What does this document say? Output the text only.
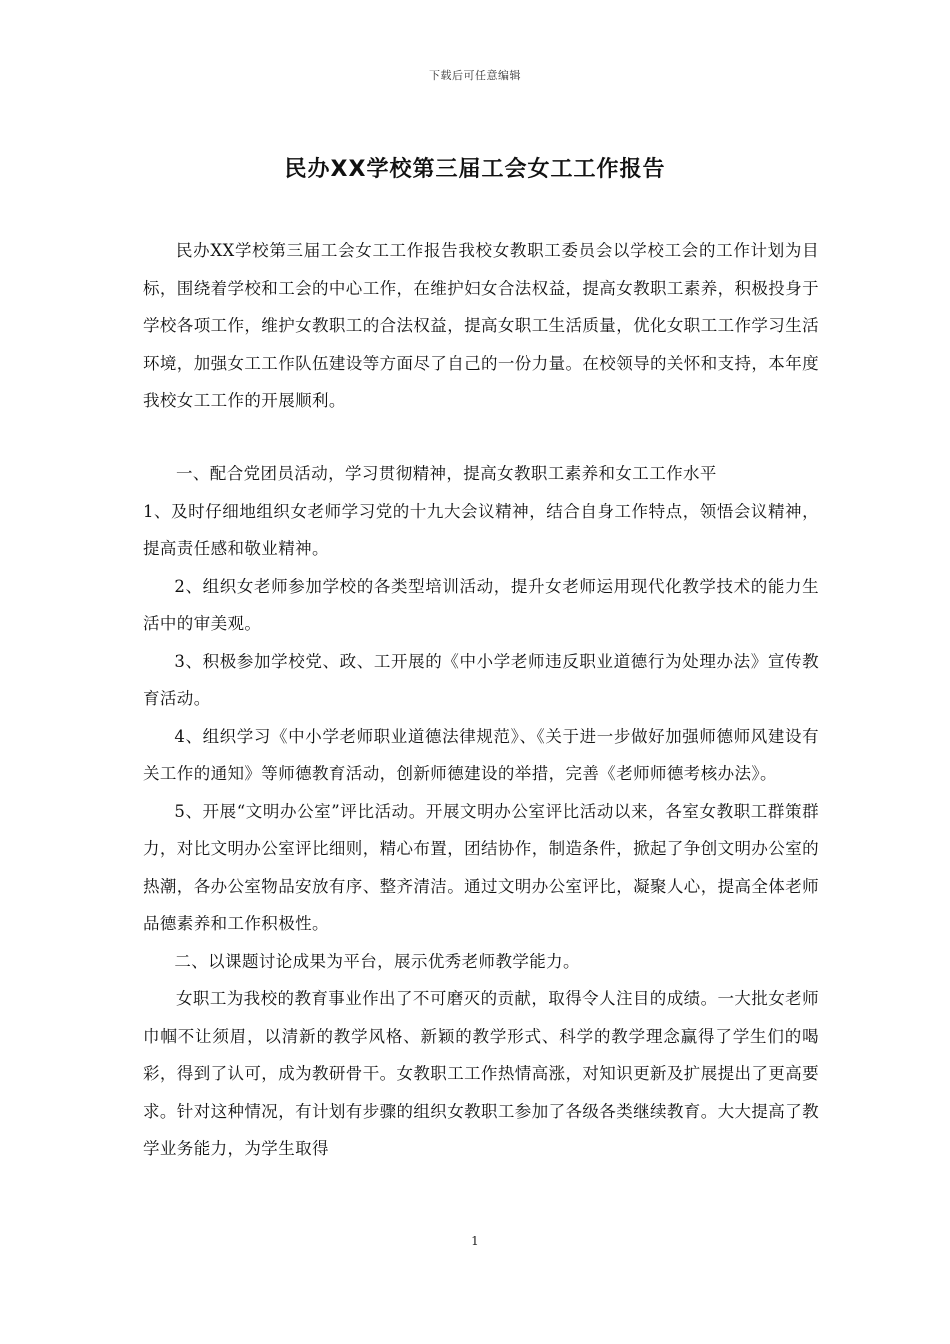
下载后可任意编辑
民办XX学校第三届工会女工工作报告

民办XX学校第三届工会女工工作报告我校女教职工委员会以学校工会的工作计划为目标，围绕着学校和工会的中心工作，在维护妇女合法权益，提高女教职工素养，积极投身于学校各项工作，维护女教职工的合法权益，提高女职工生活质量，优化女职工工作学习生活环境，加强女工工作队伍建设等方面尽了自己的一份力量。在校领导的关怀和支持，本年度我校女工工作的开展顺利。

一、配合党团员活动，学习贯彻精神，提高女教职工素养和女工工作水平

1、及时仔细地组织女老师学习党的十九大会议精神，结合自身工作特点，领悟会议精神，提高责任感和敬业精神。

2、组织女老师参加学校的各类型培训活动，提升女老师运用现代化教学技术的能力生活中的审美观。

3、积极参加学校党、政、工开展的《中小学老师违反职业道德行为处理办法》宣传教育活动。

4、组织学习《中小学老师职业道德法律规范》、《关于进一步做好加强师德师风建设有关工作的通知》等师德教育活动，创新师德建设的举措，完善《老师师德考核办法》。

5、开展“文明办公室”评比活动。开展文明办公室评比活动以来，各室女教职工群策群力，对比文明办公室评比细则，精心布置，团结协作，制造条件，掀起了争创文明办公室的热潮，各办公室物品安放有序、整齐清洁。通过文明办公室评比，凝聚人心，提高全体老师品德素养和工作积极性。

二、以课题讨论成果为平台，展示优秀老师教学能力。

女职工为我校的教育事业作出了不可磨灭的贡献，取得令人注目的成绩。一大批女老师巾帼不让须眉，以清新的教学风格、新颖的教学形式、科学的教学理念赢得了学生们的喝彩，得到了认可，成为教研骨干。女教职工工作热情高涨，对知识更新及扩展提出了更高要求。针对这种情况，有计划有步骤的组织女教职工参加了各级各类继续教育。大大提高了教学业务能力，为学生取得

1
